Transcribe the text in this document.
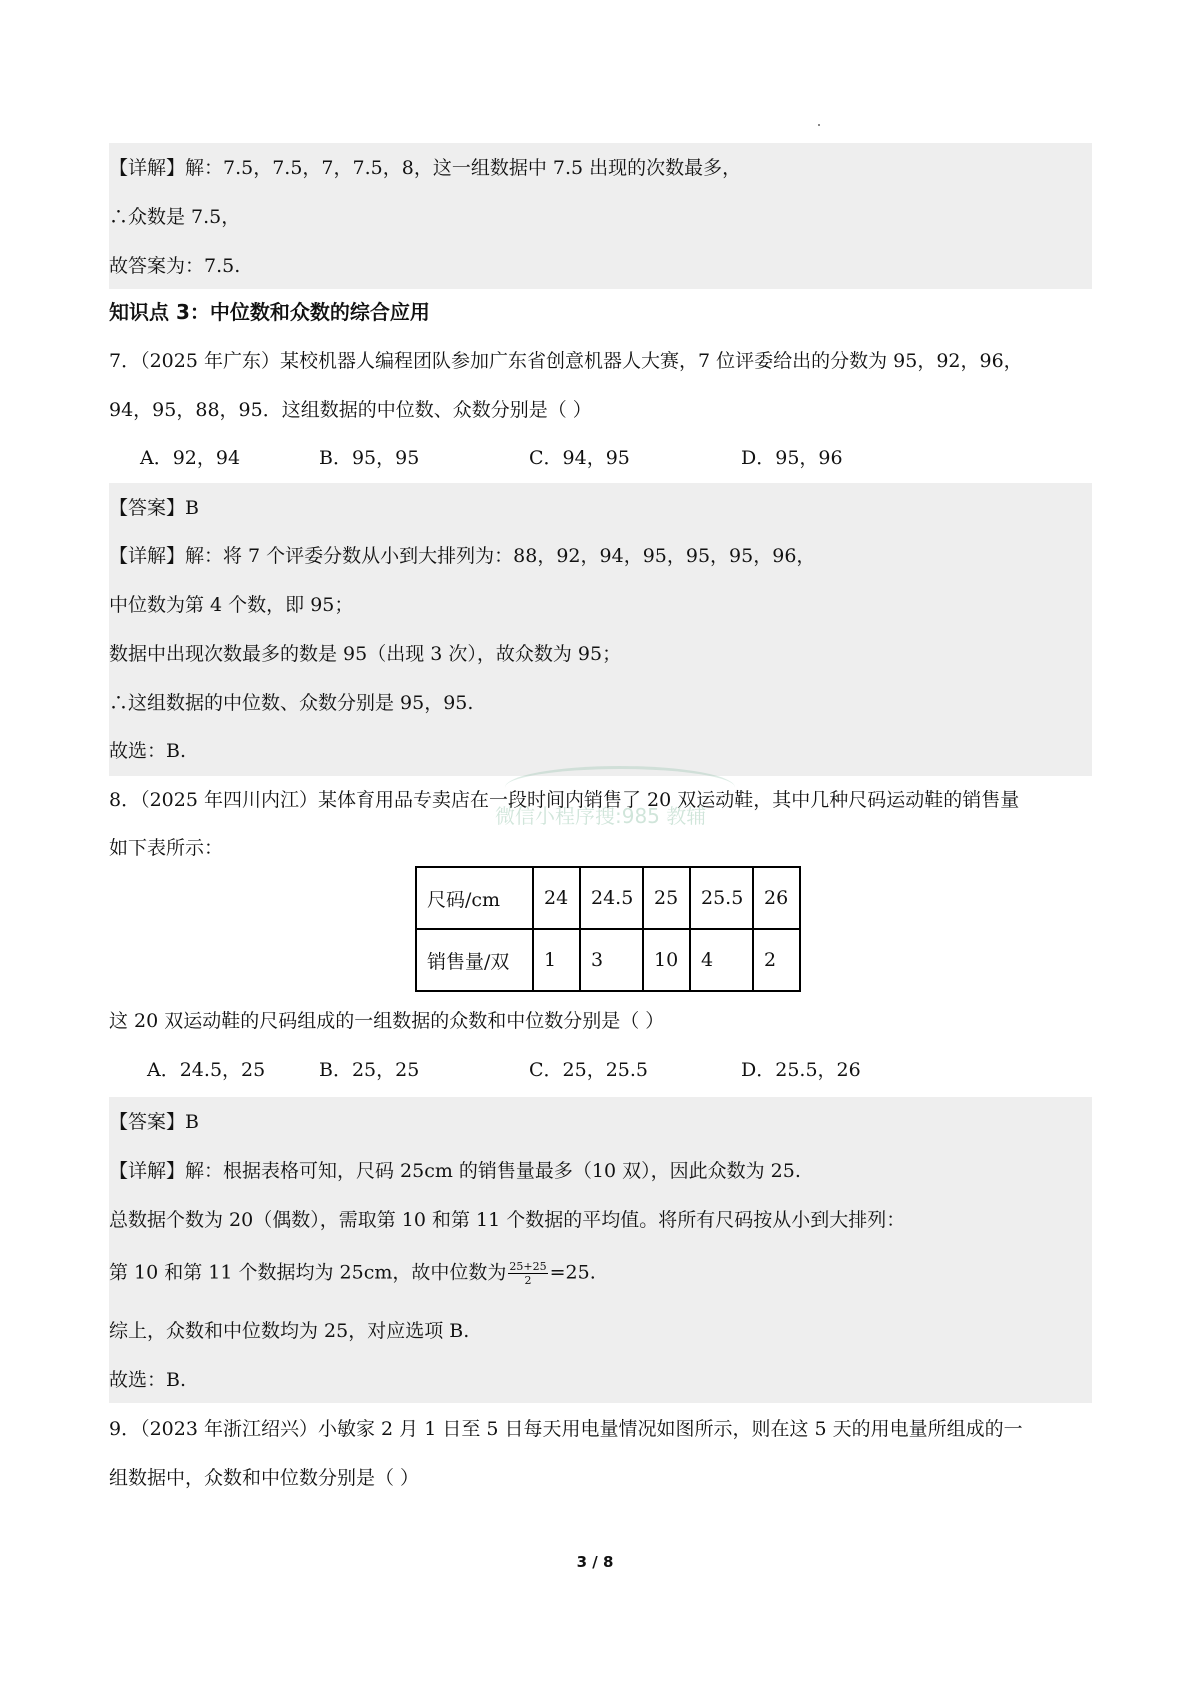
【详解】解：7.5，7.5，7，7.5，8，这一组数据中 7.5 出现的次数最多，
∴众数是 7.5，
故答案为：7.5.
知识点 3：中位数和众数的综合应用
7．（2025 年广东）某校机器人编程团队参加广东省创意机器人大赛，7 位评委给出的分数为 95，92，96，
94，95，88，95．这组数据的中位数、众数分别是（ ）
A．92，94	B．95，95	C．94，95	D．95，96
【答案】B
【详解】解：将 7 个评委分数从小到大排列为：88，92，94，95，95，95，96，
中位数为第 4 个数，即 95；
数据中出现次数最多的数是 95（出现 3 次），故众数为 95；
∴这组数据的中位数、众数分别是 95，95.
故选：B.
微信小程序搜:985 教辅
8．（2025 年四川内江）某体育用品专卖店在一段时间内销售了 20 双运动鞋，其中几种尺码运动鞋的销售量
如下表所示：
尺码/cm	24	24.5	25	25.5	26
销售量/双	1	3	10	4	2
这 20 双运动鞋的尺码组成的一组数据的众数和中位数分别是（ ）
A．24.5，25	B．25，25	C．25，25.5	D．25.5，26
【答案】B
【详解】解：根据表格可知，尺码 25cm 的销售量最多（10 双），因此众数为 25.
总数据个数为 20（偶数），需取第 10 和第 11 个数据的平均值。将所有尺码按从小到大排列：
第 10 和第 11 个数据均为 25cm，故中位数为 $\frac{25+25}{2} =25$.
综上，众数和中位数均为 25，对应选项 B.
故选：B.
9．（2023 年浙江绍兴）小敏家 2 月 1 日至 5 日每天用电量情况如图所示，则在这 5 天的用电量所组成的一
组数据中，众数和中位数分别是（ ）
3 / 8
